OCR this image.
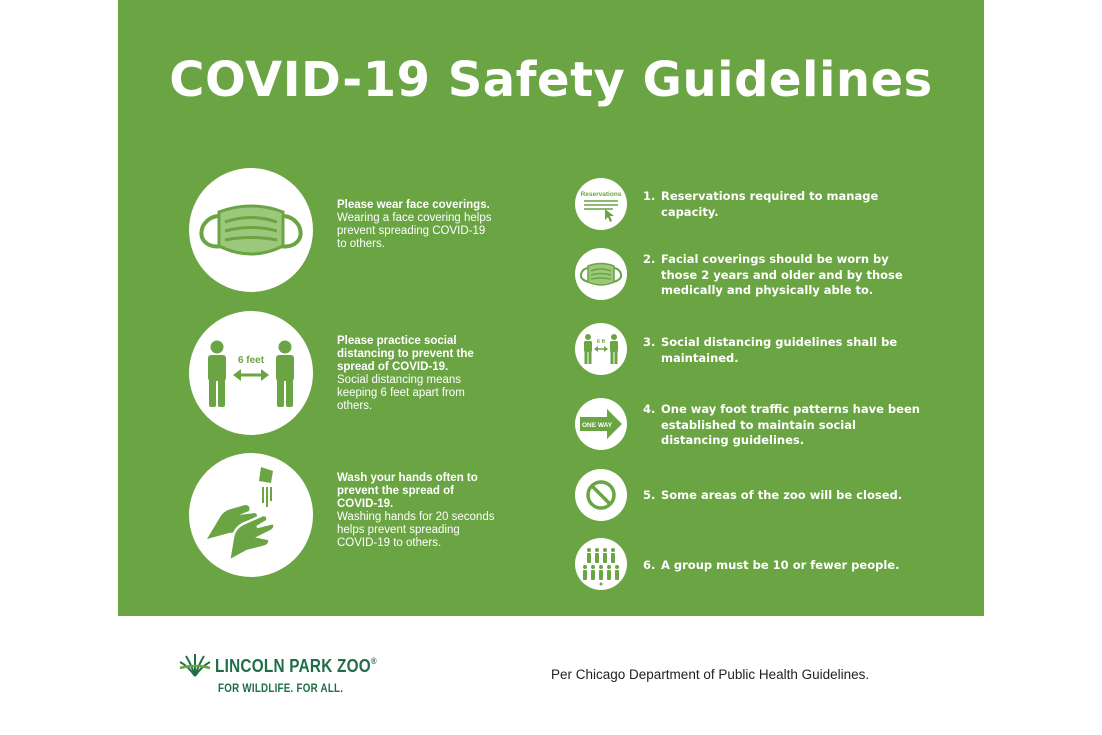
COVID-19 Safety Guidelines
6 feet
Please wear face coverings.
Wearing a face covering helps prevent spreading COVID-19 to others.
Please practice social distancing to prevent the spread of COVID-19.
Social distancing means keeping 6 feet apart from others.
Wash your hands often to prevent the spread of COVID-19.
Washing hands for 20 seconds helps prevent spreading COVID-19 to others.
Reservations
6 ft
ONE WAY
1. Reservations required to manage capacity.
2. Facial coverings should be worn by those 2 years and older and by those medically and physically able to.
3. Social distancing guidelines shall be maintained.
4. One way foot traffic patterns have been established to maintain social distancing guidelines.
5. Some areas of the zoo will be closed.
6. A group must be 10 or fewer people.
LINCOLN PARK ZOO®
FOR WILDLIFE. FOR ALL.
Per Chicago Department of Public Health Guidelines.
